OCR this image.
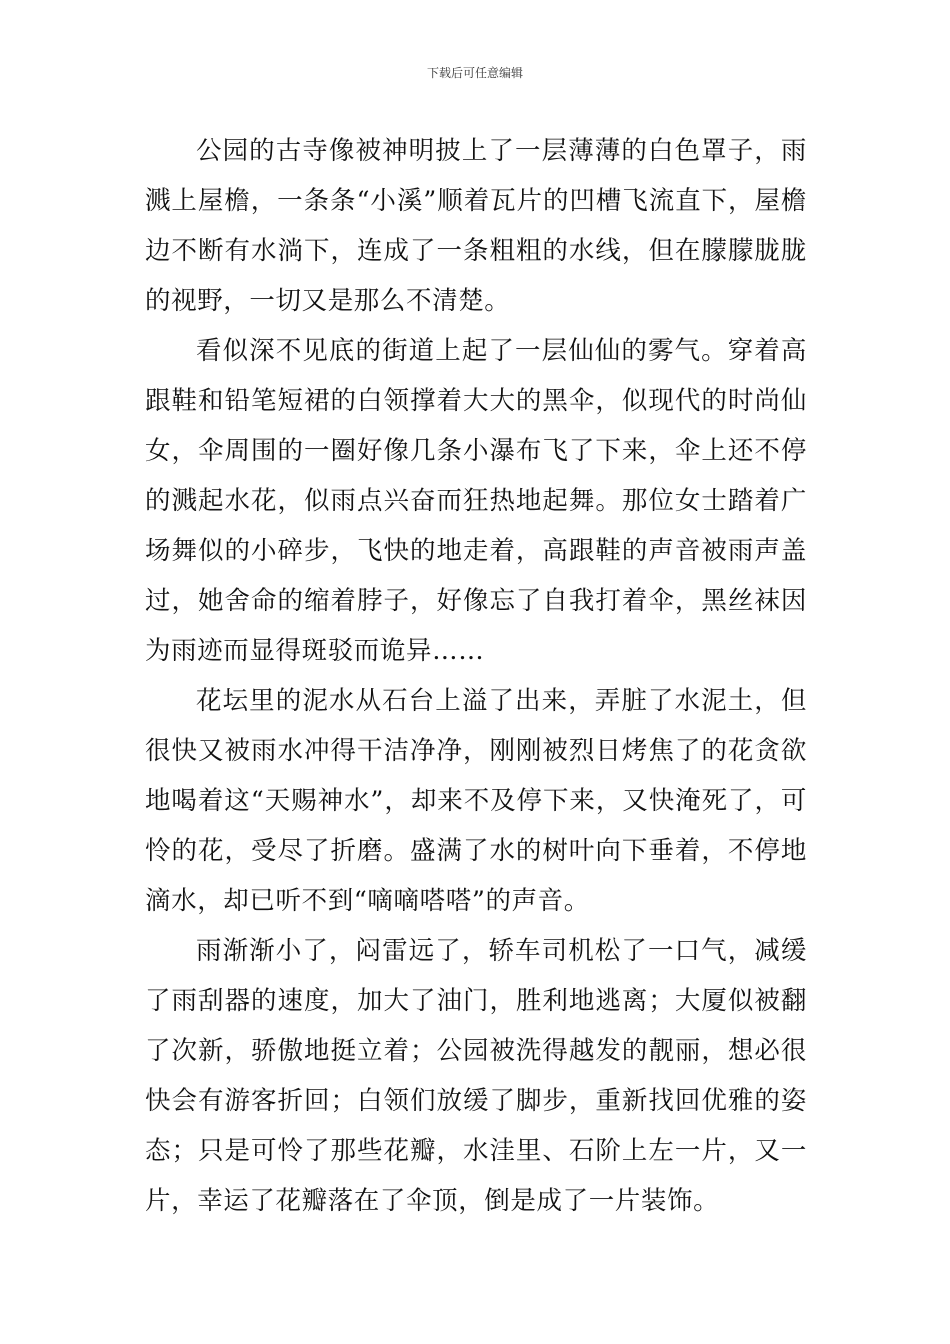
下载后可任意编辑

公园的古寺像被神明披上了一层薄薄的白色罩子，雨溅上屋檐，一条条“小溪”顺着瓦片的凹槽飞流直下，屋檐边不断有水淌下，连成了一条粗粗的水线，但在朦朦胧胧的视野，一切又是那么不清楚。

看似深不见底的街道上起了一层仙仙的雾气。穿着高跟鞋和铅笔短裙的白领撑着大大的黑伞，似现代的时尚仙女，伞周围的一圈好像几条小瀑布飞了下来，伞上还不停的溅起水花，似雨点兴奋而狂热地起舞。那位女士踏着广场舞似的小碎步，飞快的地走着，高跟鞋的声音被雨声盖过，她舍命的缩着脖子，好像忘了自我打着伞，黑丝袜因为雨迹而显得斑驳而诡异……

花坛里的泥水从石台上溢了出来，弄脏了水泥土，但很快又被雨水冲得干洁净净，刚刚被烈日烤焦了的花贪欲地喝着这“天赐神水”，却来不及停下来，又快淹死了，可怜的花，受尽了折磨。盛满了水的树叶向下垂着，不停地滴水，却已听不到“嘀嘀嗒嗒”的声音。

雨渐渐小了，闷雷远了，轿车司机松了一口气，减缓了雨刮器的速度，加大了油门，胜利地逃离；大厦似被翻了次新，骄傲地挺立着；公园被洗得越发的靓丽，想必很快会有游客折回；白领们放缓了脚步，重新找回优雅的姿态；只是可怜了那些花瓣，水洼里、石阶上左一片，又一片，幸运了花瓣落在了伞顶，倒是成了一片装饰。
